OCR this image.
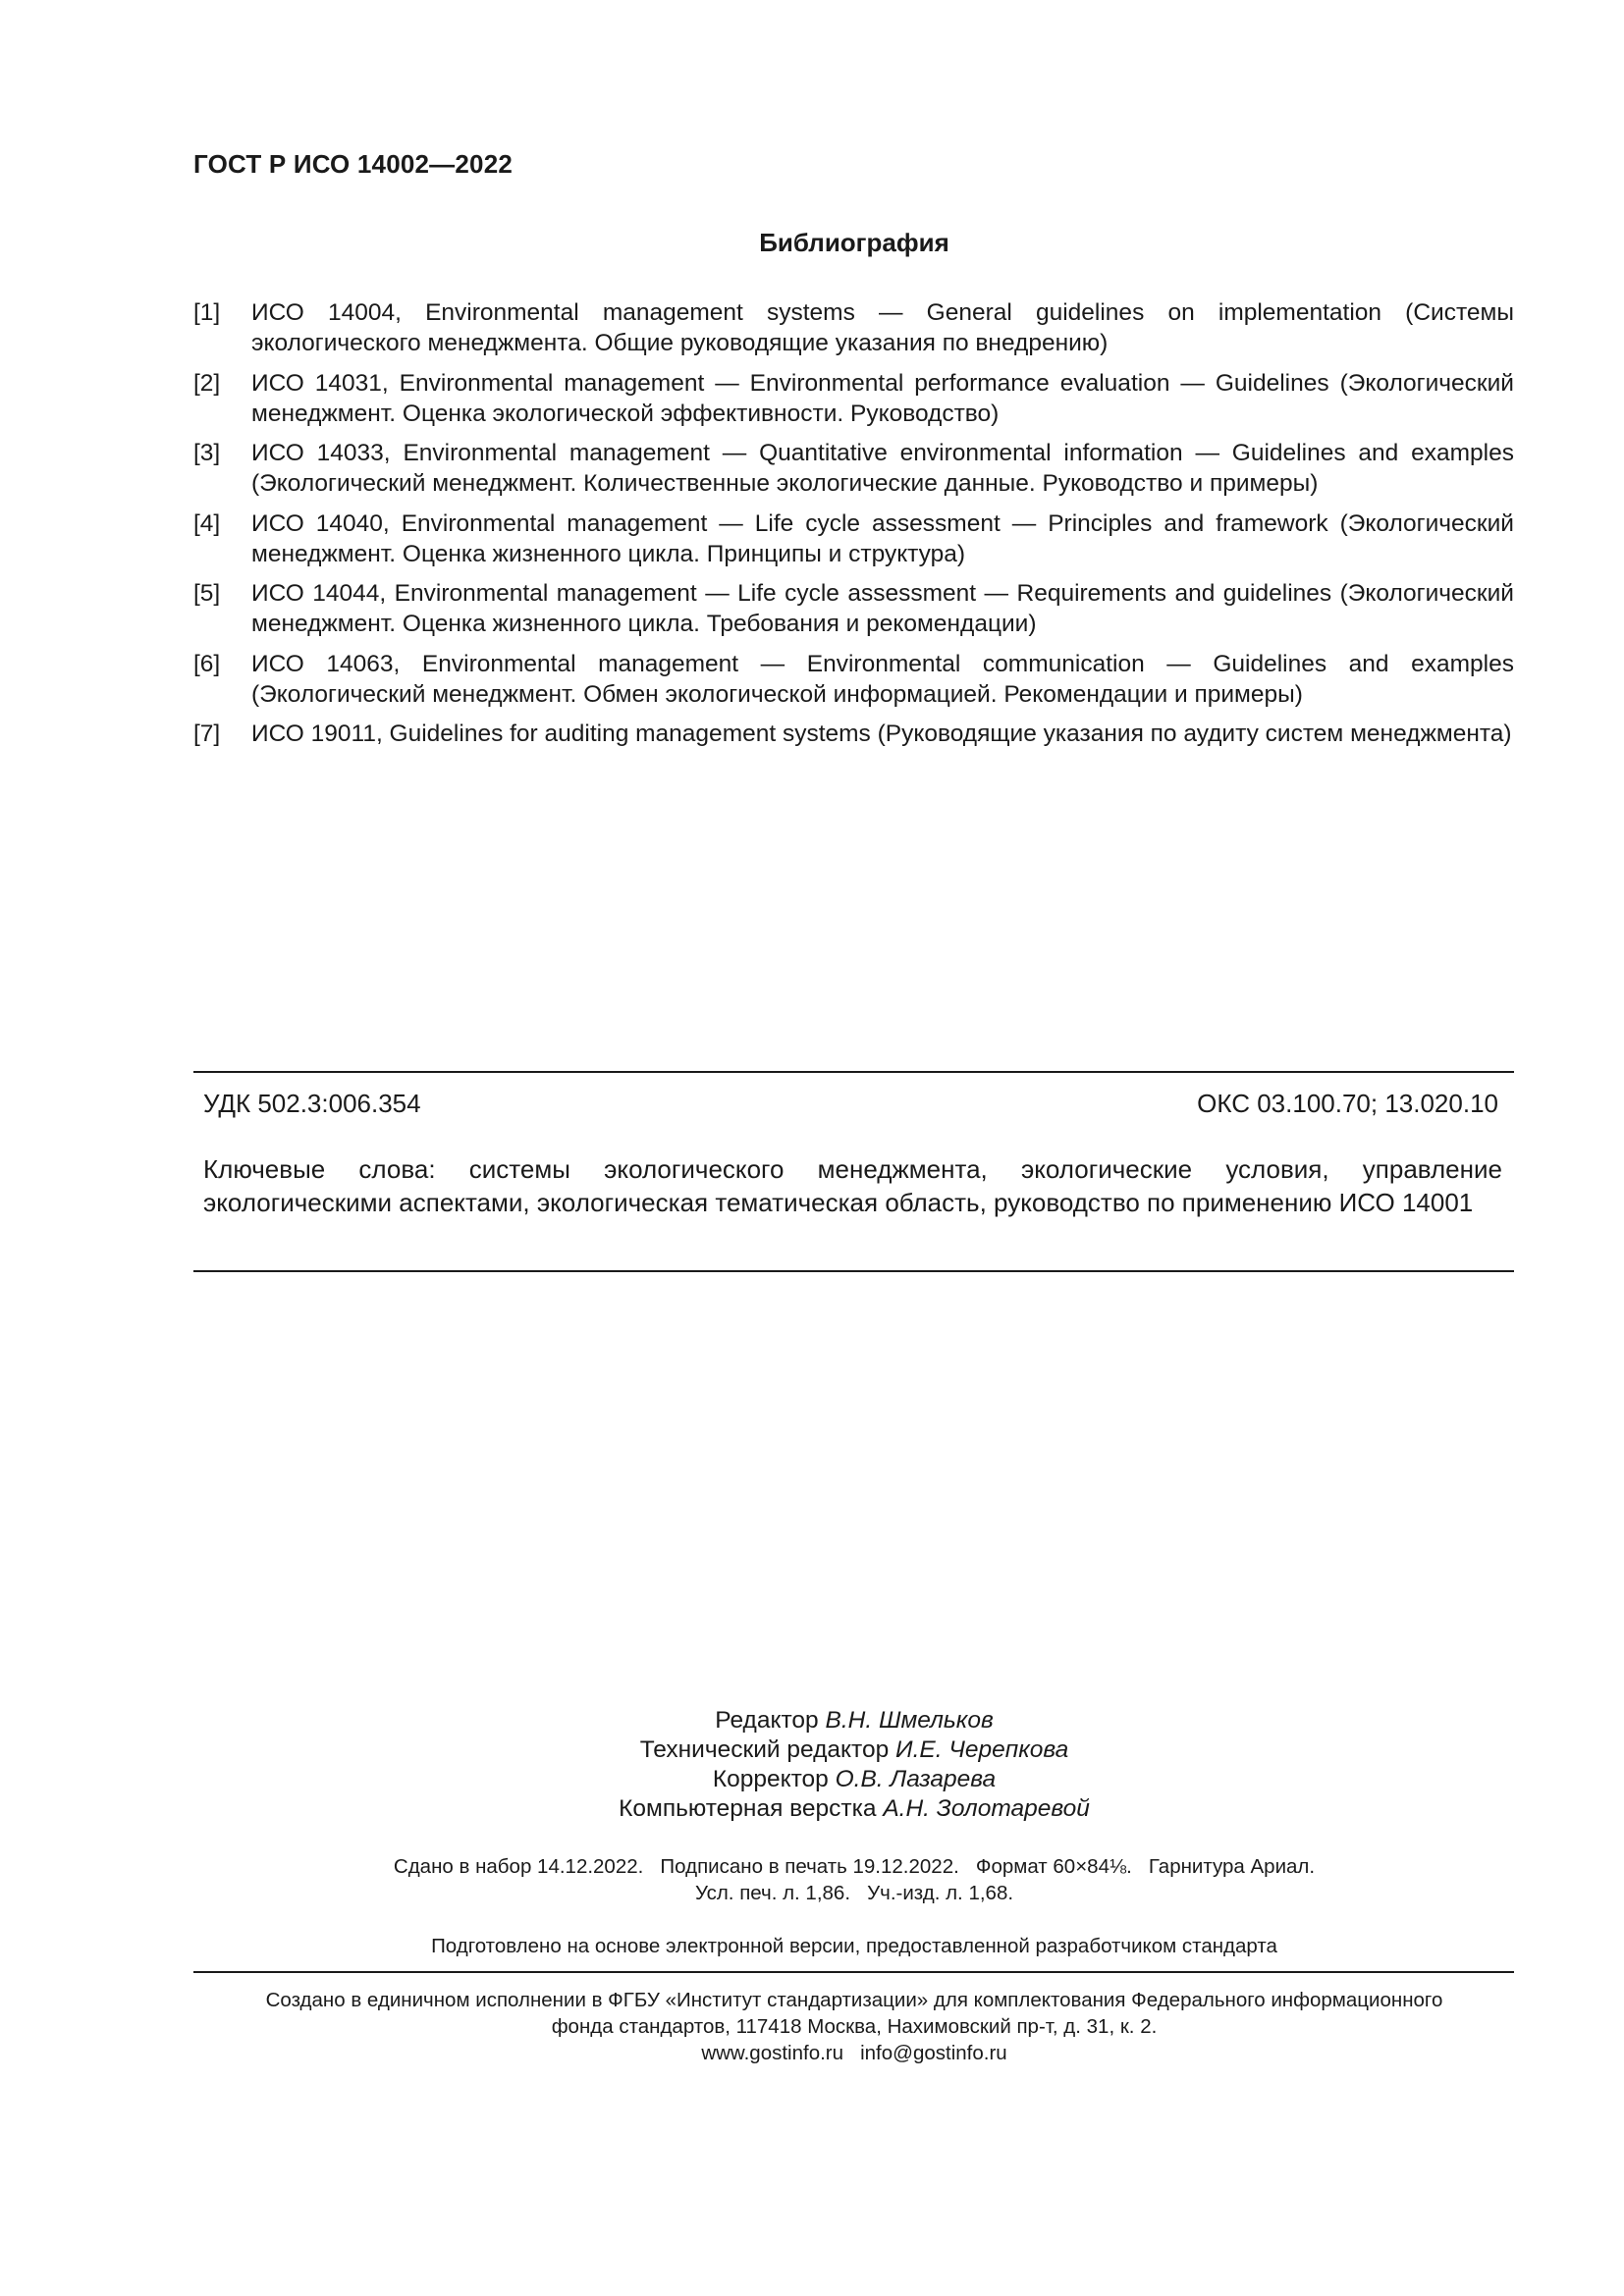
ГОСТ Р ИСО 14002—2022
Библиография
[1]	ИСО 14004, Environmental management systems — General guidelines on implementation (Системы экологического менеджмента. Общие руководящие указания по внедрению)
[2]	ИСО 14031, Environmental management — Environmental performance evaluation — Guidelines (Экологический менеджмент. Оценка экологической эффективности. Руководство)
[3]	ИСО 14033, Environmental management — Quantitative environmental information — Guidelines and examples (Экологический менеджмент. Количественные экологические данные. Руководство и примеры)
[4]	ИСО 14040, Environmental management — Life cycle assessment — Principles and framework (Экологический менеджмент. Оценка жизненного цикла. Принципы и структура)
[5]	ИСО 14044, Environmental management — Life cycle assessment — Requirements and guidelines (Экологический менеджмент. Оценка жизненного цикла. Требования и рекомендации)
[6]	ИСО 14063, Environmental management — Environmental communication — Guidelines and examples (Экологический менеджмент. Обмен экологической информацией. Рекомендации и примеры)
[7]	ИСО 19011, Guidelines for auditing management systems (Руководящие указания по аудиту систем менеджмента)
УДК 502.3:006.354	ОКС 03.100.70; 13.020.10
Ключевые слова: системы экологического менеджмента, экологические условия, управление экологическими аспектами, экологическая тематическая область, руководство по применению ИСО 14001
Редактор В.Н. Шмельков
Технический редактор И.Е. Черепкова
Корректор О.В. Лазарева
Компьютерная верстка А.Н. Золотаревой
Сдано в набор 14.12.2022.   Подписано в печать 19.12.2022.   Формат 60×84⅛.   Гарнитура Ариал.
Усл. печ. л. 1,86.   Уч.-изд. л. 1,68.
Подготовлено на основе электронной версии, предоставленной разработчиком стандарта
Создано в единичном исполнении в ФГБУ «Институт стандартизации» для комплектования Федерального информационного
фонда стандартов, 117418 Москва, Нахимовский пр-т, д. 31, к. 2.
www.gostinfo.ru   info@gostinfo.ru
